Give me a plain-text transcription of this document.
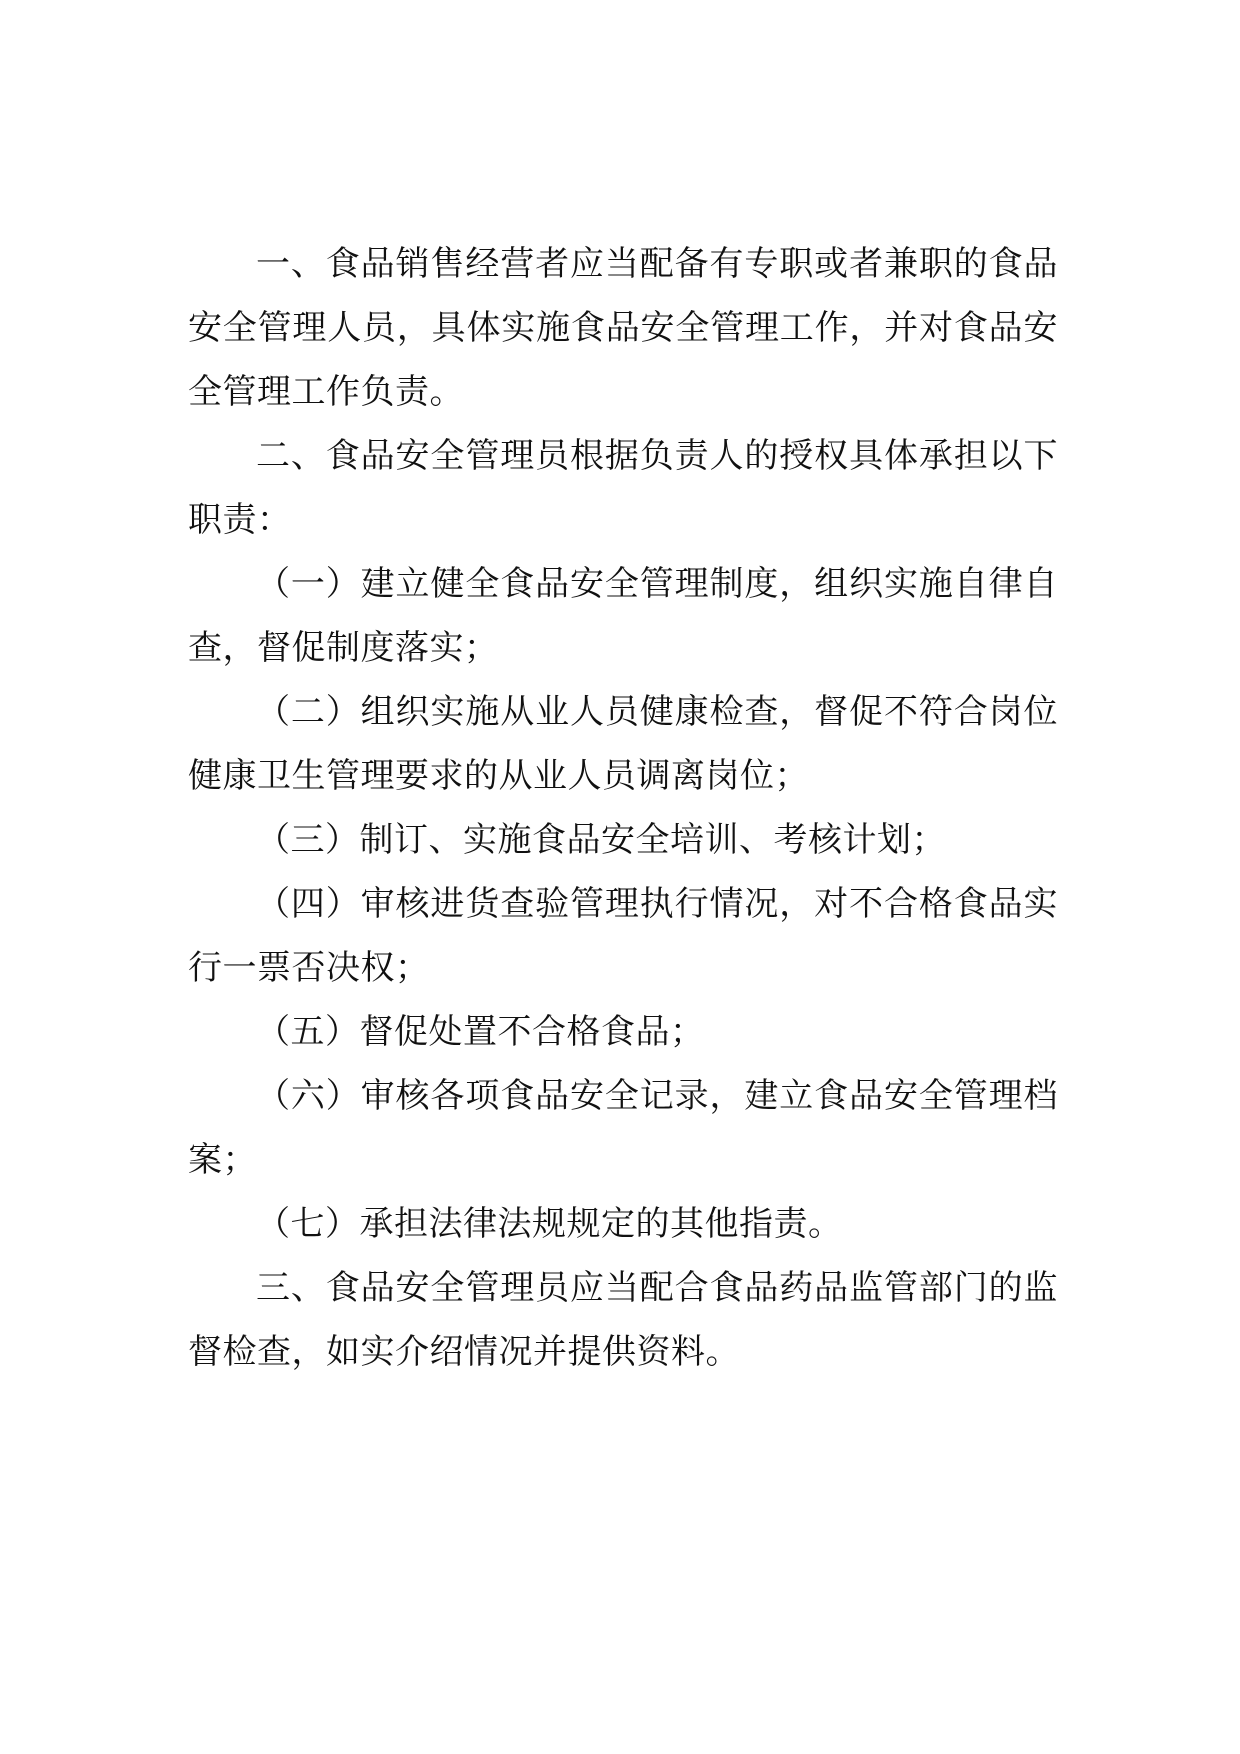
一、食品销售经营者应当配备有专职或者兼职的食品安全管理人员，具体实施食品安全管理工作，并对食品安全管理工作负责。

二、食品安全管理员根据负责人的授权具体承担以下职责：

（一）建立健全食品安全管理制度，组织实施自律自查，督促制度落实；

（二）组织实施从业人员健康检查，督促不符合岗位健康卫生管理要求的从业人员调离岗位；

（三）制订、实施食品安全培训、考核计划；

（四）审核进货查验管理执行情况，对不合格食品实行一票否决权；

（五）督促处置不合格食品；

（六）审核各项食品安全记录，建立食品安全管理档案；

（七）承担法律法规规定的其他指责。

三、食品安全管理员应当配合食品药品监管部门的监督检查，如实介绍情况并提供资料。
